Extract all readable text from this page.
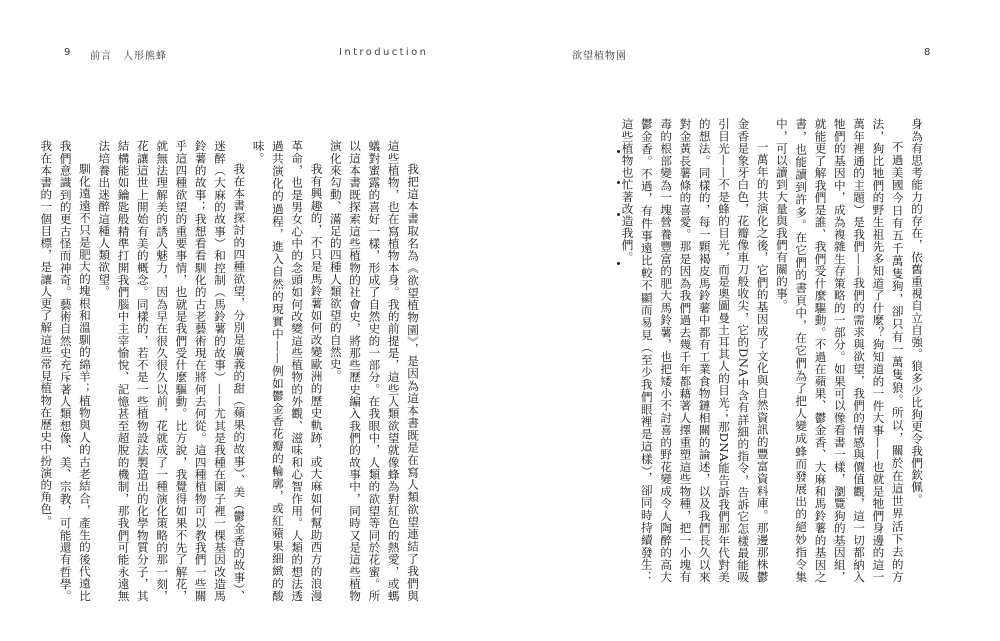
9 前言　人形熊蜂	Introduction

我把這本書取名為《欲望植物園》，是因為這本書既是在寫人類欲望連結了我們與這些植物，也在寫植物本身。我的前提是，這些人類欲望就像蜂為對紅色的熱愛，或螞蟻對蜜露的喜好一樣，形成了自然史的一部分。在我眼中，人類的欲望等同於花蜜。所以這本書既探索這些植物的社會史，將那些歷史編入我們的故事中，同時又是這些植物演化來勾動、滿足的四種人類欲望的自然史。

我有興趣的，不只是馬鈴薯如何改變歐洲的歷史軌跡，或大麻如何幫助西方的浪漫革命，也是男女心中的念頭如何改變這些植物的外觀、滋味和心智作用。人類的想法透過共演化的過程，進入自然的現實中——例如鬱金香花瓣的輪廓，或紅蘋果細緻的酸味。

我在本書探討的四種欲望，分別是廣義的甜（蘋果的故事）、美（鬱金香的故事）、迷醉（大麻的故事）和控制（馬鈴薯的故事）——尤其是我種在園子裡一棵基因改造馬鈴薯的故事；我想看看馴化的古老藝術現在將何去何從。這四種植物可以教我們一些關乎這四種欲望的重要事情，也就是我們受什麼驅動。比方說，我覺得如果不先了解花，就無法理解美的誘人魅力，因為早在很久很久以前，花就成了一種演化策略的那一刻，花讓這世上開始有美的概念。同樣的，若不是一些植物設法製造出的化學物質分子，其結構能如鑰匙般精準打開我們腦中主宰愉悅、記憶甚至超脫的機制，那我們可能永遠無法培養出迷醉這種人類欲望。

馴化遠遠不只是肥大的塊根和溫馴的綿羊；植物與人的古老結合，產生的後代遠比我們意識到的更古怪而神奇。藝術自然史充斥著人類想像、美、宗教，可能還有哲學。我在本書的一個目標，是讓人更了解這些常見植物在歷史中扮演的角色。

欲望植物園	8

身為有思考能力的存在，依舊重視自立自強。狼多少比狗更令我們欽佩。

不過美國今日有五千萬隻狗，卻只有一萬隻狼。所以，關於在這世界活下去的方法，狗比牠們的野生祖先多知道了什麼？狗知道的一件大事——也就是牠們身邊的這一萬年裡通的主題）是我們——我們的需求與欲望，我們的情感與價值觀，這一切都納入牠們的基因中，成為複雜生存策略的一部分。如果可以像看書一樣，瀏覽狗的基因組，就能更了解我們是誰、我們受什麼驅動。不過在蘋果、鬱金香、大麻和馬鈴薯的基因之書，也能讀到許多。在它們的書頁中，在它們為了把人變成蜂而發展出的絕妙指令集中，可以讀到大量與我們有關的事。

一萬年的共演化之後，它們的基因成了文化與自然資訊的豐富資料庫。那邊那株鬱金香是象牙白色，花瓣像車刀般收尖，它的DNA中含有詳細的指令，告訴它怎樣最能吸引目光——不是蜂的目光，而是奧圖曼土耳其人的目光；那DNA能告訴我們那年代對美的想法。同樣的，每一顆褐皮馬鈴薯中都有工業食物鏈相關的論述，以及我們長久以來對金黃長薯條的喜愛。那是因為我們過去幾千年都藉著人擇重塑這些物種，把一小塊有毒的根部變為一塊營養豐富的肥大馬鈴薯，也把矮小不討喜的野花變成令人陶醉的高大鬱金香。不過，有件事遠比較不顯而易見（至少我們眼裡是這樣），卻同時持續發生：這些植物也忙著改造我們。
